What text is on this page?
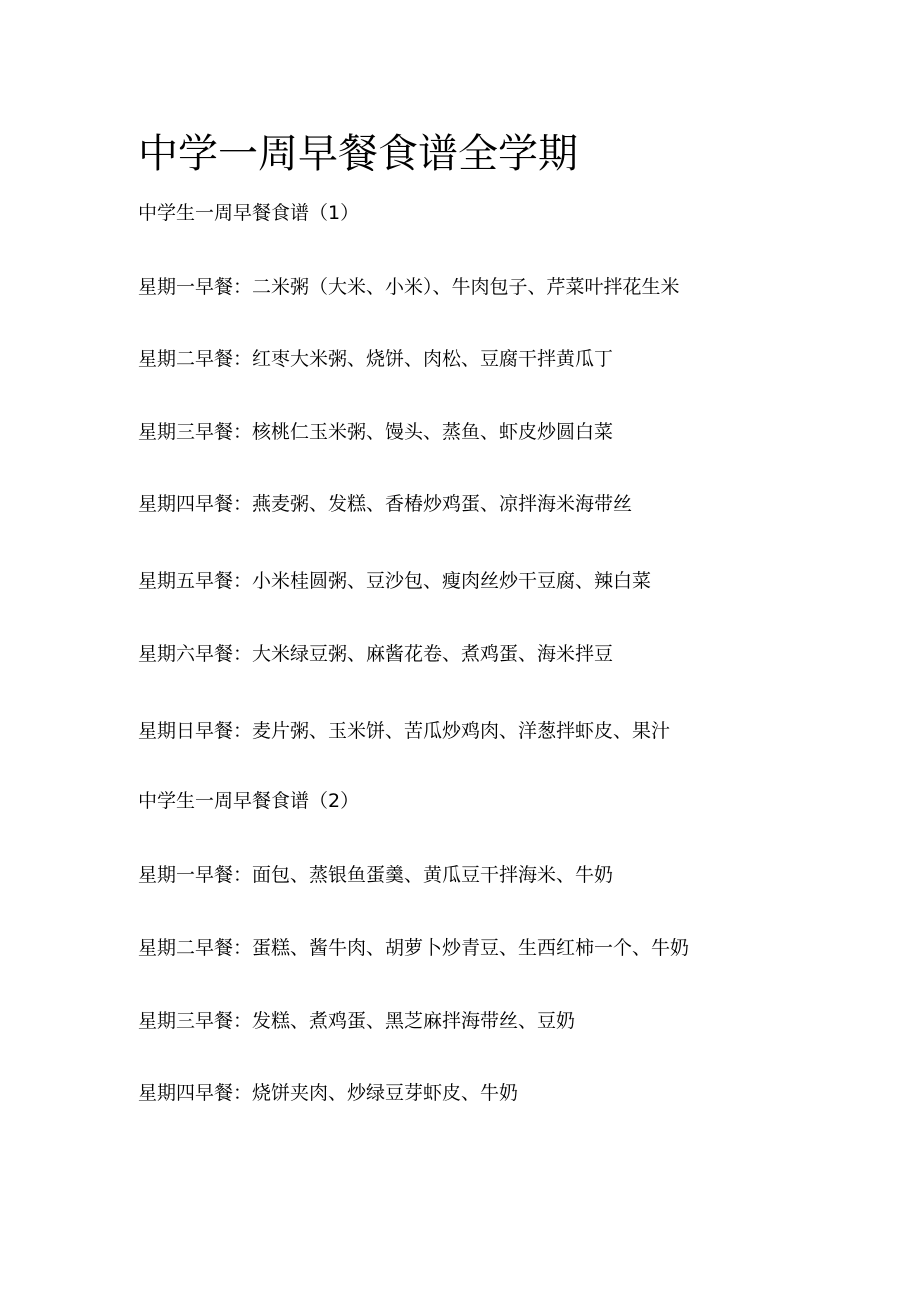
中学一周早餐食谱全学期

中学生一周早餐食谱（1）

星期一早餐：二米粥（大米、小米）、牛肉包子、芹菜叶拌花生米

星期二早餐：红枣大米粥、烧饼、肉松、豆腐干拌黄瓜丁

星期三早餐：核桃仁玉米粥、馒头、蒸鱼、虾皮炒圆白菜

星期四早餐：燕麦粥、发糕、香椿炒鸡蛋、凉拌海米海带丝

星期五早餐：小米桂圆粥、豆沙包、瘦肉丝炒干豆腐、辣白菜

星期六早餐：大米绿豆粥、麻酱花卷、煮鸡蛋、海米拌豆

星期日早餐：麦片粥、玉米饼、苦瓜炒鸡肉、洋葱拌虾皮、果汁

中学生一周早餐食谱（2）

星期一早餐：面包、蒸银鱼蛋羹、黄瓜豆干拌海米、牛奶

星期二早餐：蛋糕、酱牛肉、胡萝卜炒青豆、生西红柿一个、牛奶

星期三早餐：发糕、煮鸡蛋、黑芝麻拌海带丝、豆奶

星期四早餐：烧饼夹肉、炒绿豆芽虾皮、牛奶
